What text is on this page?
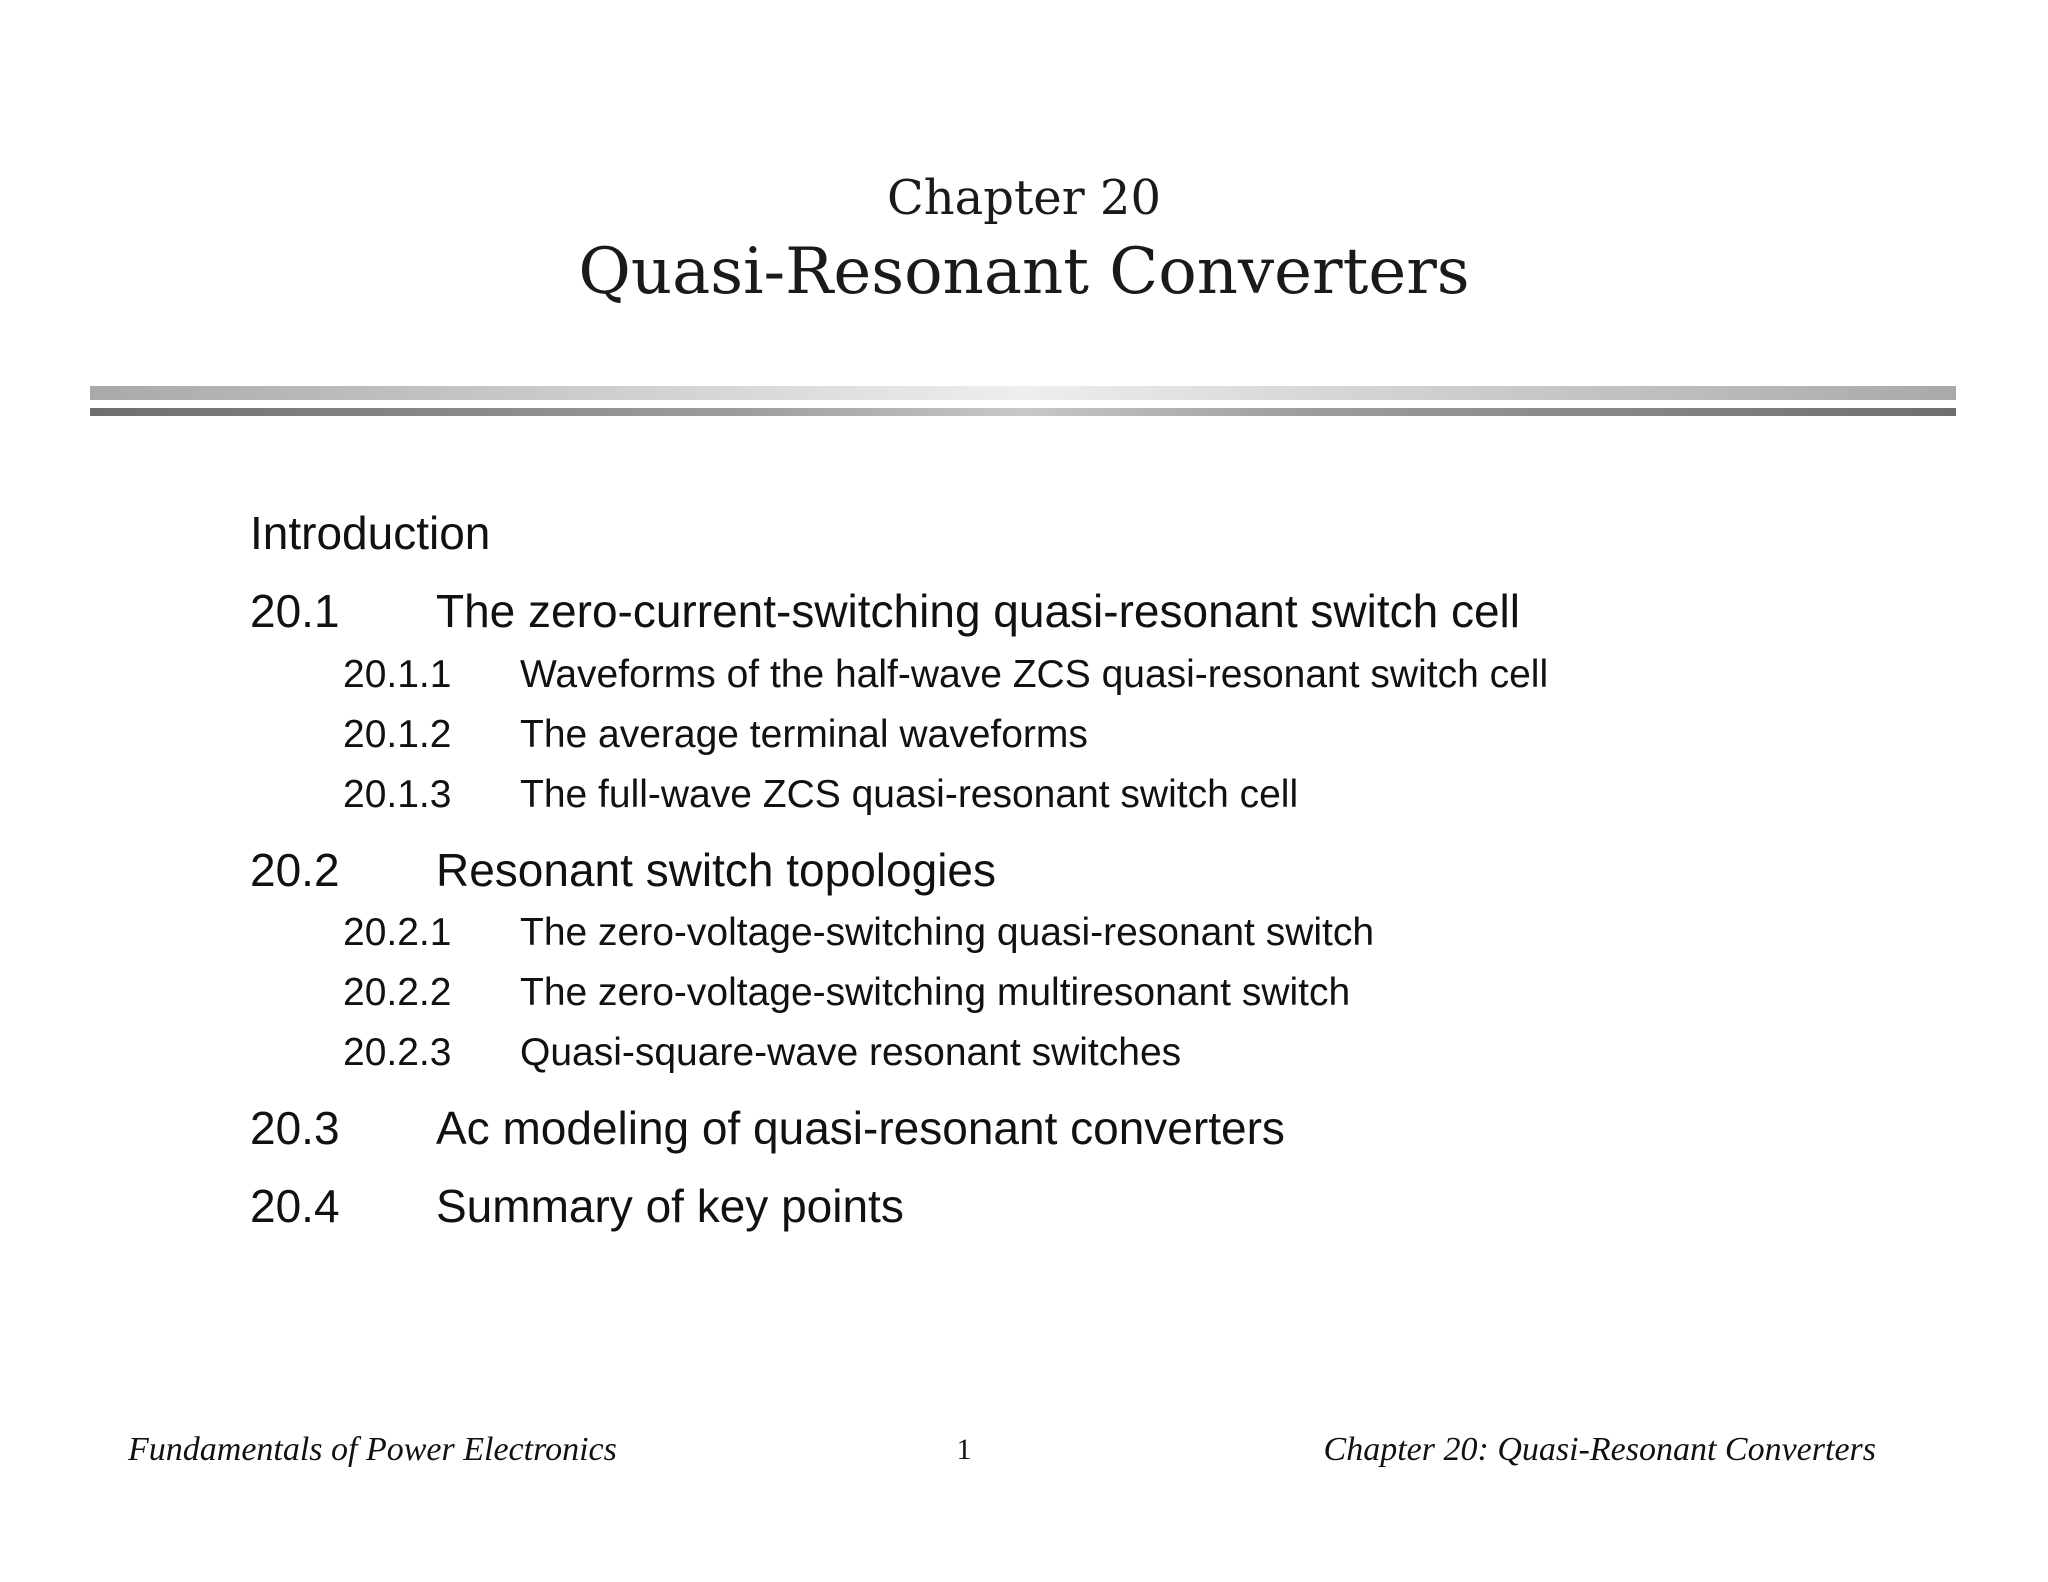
Chapter 20
Quasi-Resonant Converters
Introduction
20.1 The zero-current-switching quasi-resonant switch cell
20.1.1 Waveforms of the half-wave ZCS quasi-resonant switch cell
20.1.2 The average terminal waveforms
20.1.3 The full-wave ZCS quasi-resonant switch cell
20.2 Resonant switch topologies
20.2.1 The zero-voltage-switching quasi-resonant switch
20.2.2 The zero-voltage-switching multiresonant switch
20.2.3 Quasi-square-wave resonant switches
20.3 Ac modeling of quasi-resonant converters
20.4 Summary of key points
Fundamentals of Power Electronics	1	Chapter 20: Quasi-Resonant Converters
